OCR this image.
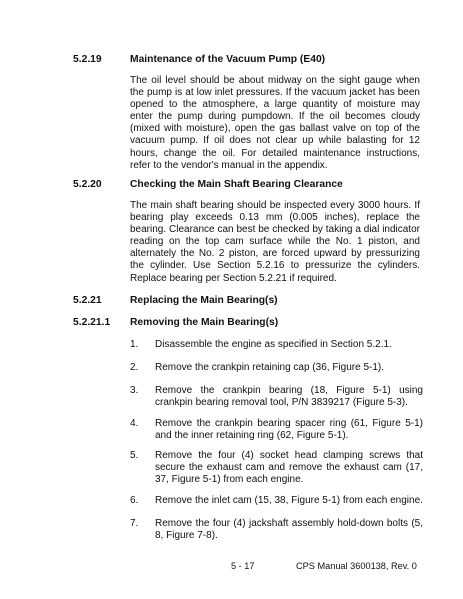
5.2.19	Maintenance of the Vacuum Pump (E40)

The oil level should be about midway on the sight gauge when the pump is at low inlet pressures. If the vacuum jacket has been opened to the atmosphere, a large quantity of moisture may enter the pump during pumpdown. If the oil becomes cloudy (mixed with moisture), open the gas ballast valve on top of the vacuum pump. If oil does not clear up while balasting for 12 hours, change the oil. For detailed maintenance instructions, refer to the vendor's manual in the appendix.

5.2.20	Checking the Main Shaft Bearing Clearance

The main shaft bearing should be inspected every 3000 hours. If bearing play exceeds 0.13 mm (0.005 inches), replace the bearing. Clearance can best be checked by taking a dial indicator reading on the top cam surface while the No. 1 piston, and alternately the No. 2 piston, are forced upward by pressurizing the cylinder. Use Section 5.2.16 to pressurize the cylinders. Replace bearing per Section 5.2.21 if required.

5.2.21	Replacing the Main Bearing(s)
5.2.21.1 Removing the Main Bearing(s)
1. Disassemble the engine as specified in Section 5.2.1.

2. Remove the crankpin retaining cap (36, Figure 5-1).

3. Remove the crankpin bearing (18, Figure 5-1) using crankpin bearing removal tool, P/N 3839217 (Figure 5-3).

4. Remove the crankpin bearing spacer ring (61, Figure 5-1) and the inner retaining ring (62, Figure 5-1).

5. Remove the four (4) socket head clamping screws that secure the exhaust cam and remove the exhaust cam (17, 37, Figure 5-1) from each engine.

6. Remove the inlet cam (15, 38, Figure 5-1) from each engine.

7. Remove the four (4) jackshaft assembly hold-down bolts (5, 8, Figure 7-8).

5 - 17	CPS Manual 3600138, Rev. 0
